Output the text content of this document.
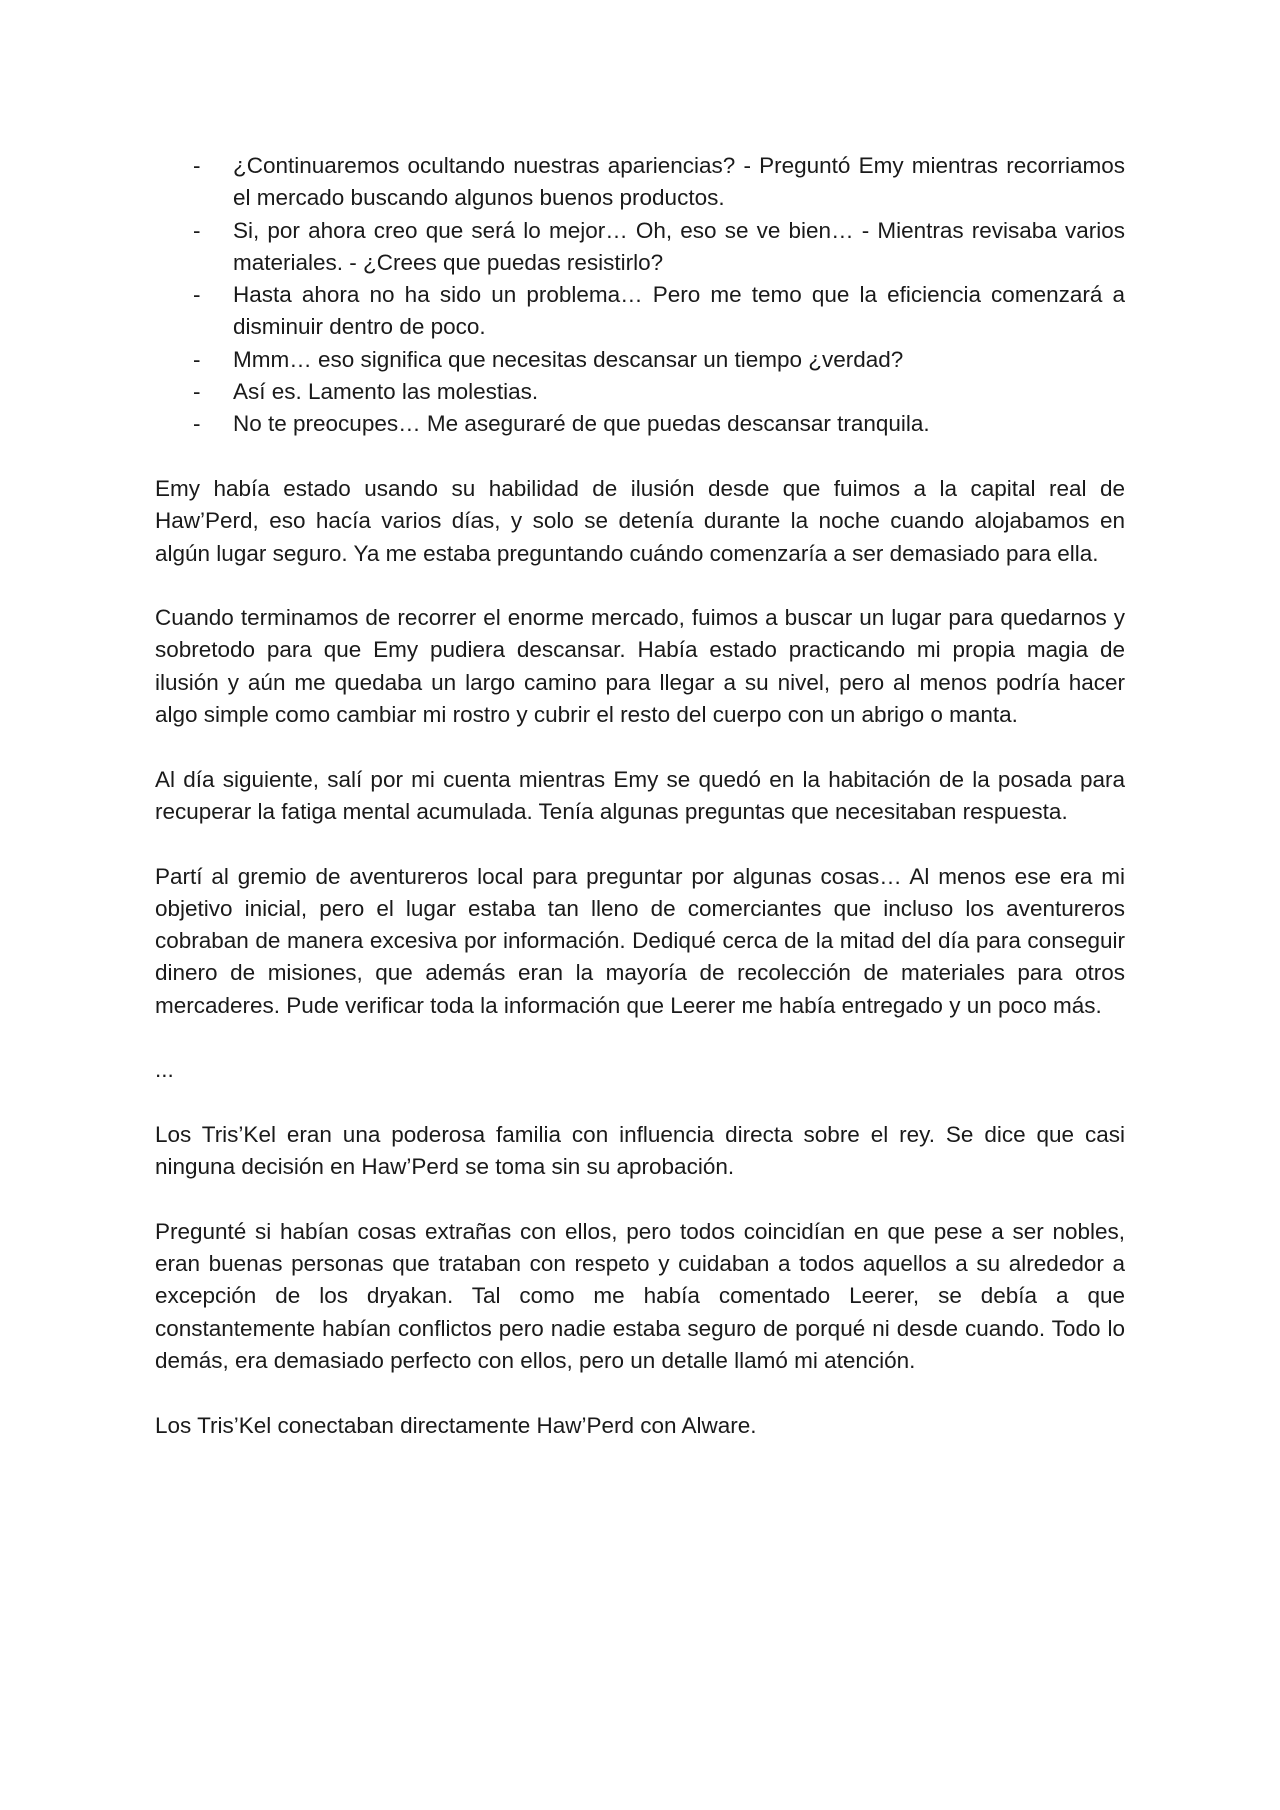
- ¿Continuaremos ocultando nuestras apariencias? - Preguntó Emy mientras recorriamos el mercado buscando algunos buenos productos.
- Si, por ahora creo que será lo mejor… Oh, eso se ve bien… - Mientras revisaba varios materiales. - ¿Crees que puedas resistirlo?
- Hasta ahora no ha sido un problema… Pero me temo que la eficiencia comenzará a disminuir dentro de poco.
- Mmm… eso significa que necesitas descansar un tiempo ¿verdad?
- Así es. Lamento las molestias.
- No te preocupes… Me aseguraré de que puedas descansar tranquila.

Emy había estado usando su habilidad de ilusión desde que fuimos a la capital real de Haw’Perd, eso hacía varios días, y solo se detenía durante la noche cuando alojabamos en algún lugar seguro. Ya me estaba preguntando cuándo comenzaría a ser demasiado para ella.

Cuando terminamos de recorrer el enorme mercado, fuimos a buscar un lugar para quedarnos y sobretodo para que Emy pudiera descansar. Había estado practicando mi propia magia de ilusión y aún me quedaba un largo camino para llegar a su nivel, pero al menos podría hacer algo simple como cambiar mi rostro y cubrir el resto del cuerpo con un abrigo o manta.

Al día siguiente, salí por mi cuenta mientras Emy se quedó en la habitación de la posada para recuperar la fatiga mental acumulada. Tenía algunas preguntas que necesitaban respuesta.

Partí al gremio de aventureros local para preguntar por algunas cosas… Al menos ese era mi objetivo inicial, pero el lugar estaba tan lleno de comerciantes que incluso los aventureros cobraban de manera excesiva por información. Dediqué cerca de la mitad del día para conseguir dinero de misiones, que además eran la mayoría de recolección de materiales para otros mercaderes. Pude verificar toda la información que Leerer me había entregado y un poco más.

...

Los Tris’Kel eran una poderosa familia con influencia directa sobre el rey. Se dice que casi ninguna decisión en Haw’Perd se toma sin su aprobación.

Pregunté si habían cosas extrañas con ellos, pero todos coincidían en que pese a ser nobles, eran buenas personas que trataban con respeto y cuidaban a todos aquellos a su alrededor a excepción de los dryakan. Tal como me había comentado Leerer, se debía a que constantemente habían conflictos pero nadie estaba seguro de porqué ni desde cuando. Todo lo demás, era demasiado perfecto con ellos, pero un detalle llamó mi atención.

Los Tris’Kel conectaban directamente Haw’Perd con Alware.
